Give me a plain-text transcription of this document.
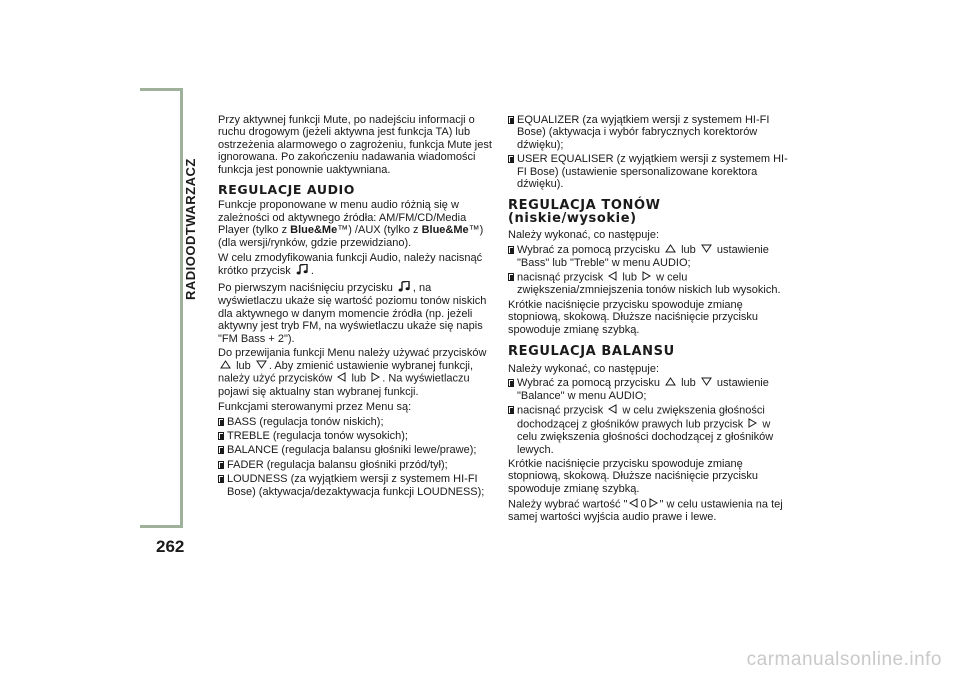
RADIOODTWARZACZ
262

Przy aktywnej funkcji Mute, po nadejściu informacji o ruchu drogowym (jeżeli aktywna jest funkcja TA) lub ostrzeżenia alarmowego o zagrożeniu, funkcja Mute jest ignorowana. Po zakończeniu nadawania wiadomości funkcja jest ponownie uaktywniana.

REGULACJE AUDIO

Funkcje proponowane w menu audio różnią się w zależności od aktywnego źródła: AM/FM/CD/Media Player (tylko z Blue&Me™) /AUX (tylko z Blue&Me™) (dla wersji/rynków, gdzie przewidziano).

W celu zmodyfikowania funkcji Audio, należy nacisnąć krótko przycisk .

Po pierwszym naciśnięciu przycisku , na wyświetlaczu ukaże się wartość poziomu tonów niskich dla aktywnego w danym momencie źródła (np. jeżeli aktywny jest tryb FM, na wyświetlaczu ukaże się napis "FM Bass + 2").

Do przewijania funkcji Menu należy używać przycisków  lub . Aby zmienić ustawienie wybranej funkcji, należy użyć przycisków lub . Na wyświetlaczu pojawi się aktualny stan wybranej funkcji.

Funkcjami sterowanymi przez Menu są:

BASS (regulacja tonów niskich);
TREBLE (regulacja tonów wysokich);
BALANCE (regulacja balansu głośniki lewe/prawe);
FADER (regulacja balansu głośniki przód/tył);
LOUDNESS (za wyjątkiem wersji z systemem HI-FI Bose) (aktywacja/dezaktywacja funkcji LOUDNESS);
EQUALIZER (za wyjątkiem wersji z systemem HI-FI Bose) (aktywacja i wybór fabrycznych korektorów dźwięku);
USER EQUALISER (z wyjątkiem wersji z systemem HI-FI Bose) (ustawienie spersonalizowane korektora dźwięku).
REGULACJA TONÓW (niskie/wysokie)

Należy wykonać, co następuje:

Wybrać za pomocą przycisku lub ustawienie "Bass" lub "Treble" w menu AUDIO;
nacisnąć przycisk lub w celu zwiększenia/zmniejszenia tonów niskich lub wysokich.

Krótkie naciśnięcie przycisku spowoduje zmianę stopniową, skokową. Dłuższe naciśnięcie przycisku spowoduje zmianę szybką.

REGULACJA BALANSU

Należy wykonać, co następuje:

Wybrać za pomocą przycisku lub ustawienie "Balance" w menu AUDIO;
nacisnąć przycisk w celu zwiększenia głośności dochodzącej z głośników prawych lub przycisk w celu zwiększenia głośności dochodzącej z głośników lewych.

Krótkie naciśnięcie przycisku spowoduje zmianę stopniową, skokową. Dłuższe naciśnięcie przycisku spowoduje zmianę szybką.

Należy wybrać wartość " 0 " w celu ustawienia na tej samej wartości wyjścia audio prawe i lewe.

carmanualsonline.info
